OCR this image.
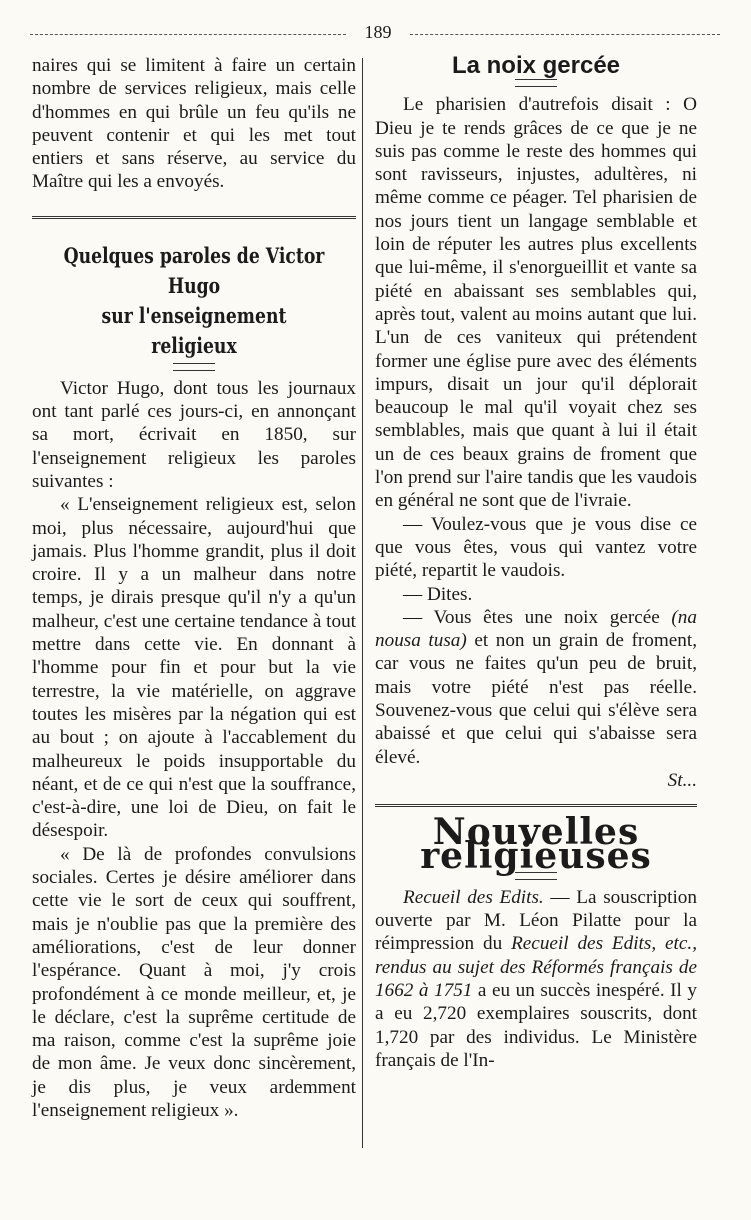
189

naires qui se limitent à faire un certain nombre de services religieux, mais celle d'hommes en qui brûle un feu qu'ils ne peuvent contenir et qui les met tout entiers et sans réserve, au service du Maître qui les a envoyés.

Quelques paroles de Victor Hugo
sur l'enseignement religieux

Victor Hugo, dont tous les journaux ont tant parlé ces jours-ci, en annonçant sa mort, écrivait en 1850, sur l'enseignement religieux les paroles suivantes :

« L'enseignement religieux est, selon moi, plus nécessaire, aujourd'hui que jamais. Plus l'homme grandit, plus il doit croire. Il y a un malheur dans notre temps, je dirais presque qu'il n'y a qu'un malheur, c'est une certaine tendance à tout mettre dans cette vie. En donnant à l'homme pour fin et pour but la vie terrestre, la vie matérielle, on aggrave toutes les misères par la négation qui est au bout ; on ajoute à l'accablement du malheureux le poids insupportable du néant, et de ce qui n'est que la souffrance, c'est-à-dire, une loi de Dieu, on fait le désespoir.

« De là de profondes convulsions sociales. Certes je désire améliorer dans cette vie le sort de ceux qui souffrent, mais je n'oublie pas que la première des améliorations, c'est de leur donner l'espérance. Quant à moi, j'y crois profondément à ce monde meilleur, et, je le déclare, c'est la suprême certitude de ma raison, comme c'est la suprême joie de mon âme. Je veux donc sincèrement, je dis plus, je veux ardemment l'enseignement religieux ».

La noix gercée

Le pharisien d'autrefois disait : O Dieu je te rends grâces de ce que je ne suis pas comme le reste des hommes qui sont ravisseurs, injustes, adultères, ni même comme ce péager. Tel pharisien de nos jours tient un langage semblable et loin de réputer les autres plus excellents que lui-même, il s'enorgueillit et vante sa piété en abaissant ses semblables qui, après tout, valent au moins autant que lui. L'un de ces vaniteux qui prétendent former une église pure avec des éléments impurs, disait un jour qu'il déplorait beaucoup le mal qu'il voyait chez ses semblables, mais que quant à lui il était un de ces beaux grains de froment que l'on prend sur l'aire tandis que les vaudois en général ne sont que de l'ivraie.

— Voulez-vous que je vous dise ce que vous êtes, vous qui vantez votre piété, repartit le vaudois.

— Dites.

— Vous êtes une noix gercée (na nousa tusa) et non un grain de froment, car vous ne faites qu'un peu de bruit, mais votre piété n'est pas réelle. Souvenez-vous que celui qui s'élève sera abaissé et que celui qui s'abaisse sera élevé.

St...
Nouvelles religieuses

Recueil des Edits. — La souscription ouverte par M. Léon Pilatte pour la réimpression du Recueil des Edits, etc., rendus au sujet des Réformés français de 1662 à 1751 a eu un succès inespéré. Il y a eu 2,720 exemplaires souscrits, dont 1,720 par des individus. Le Ministère français de l'In-
